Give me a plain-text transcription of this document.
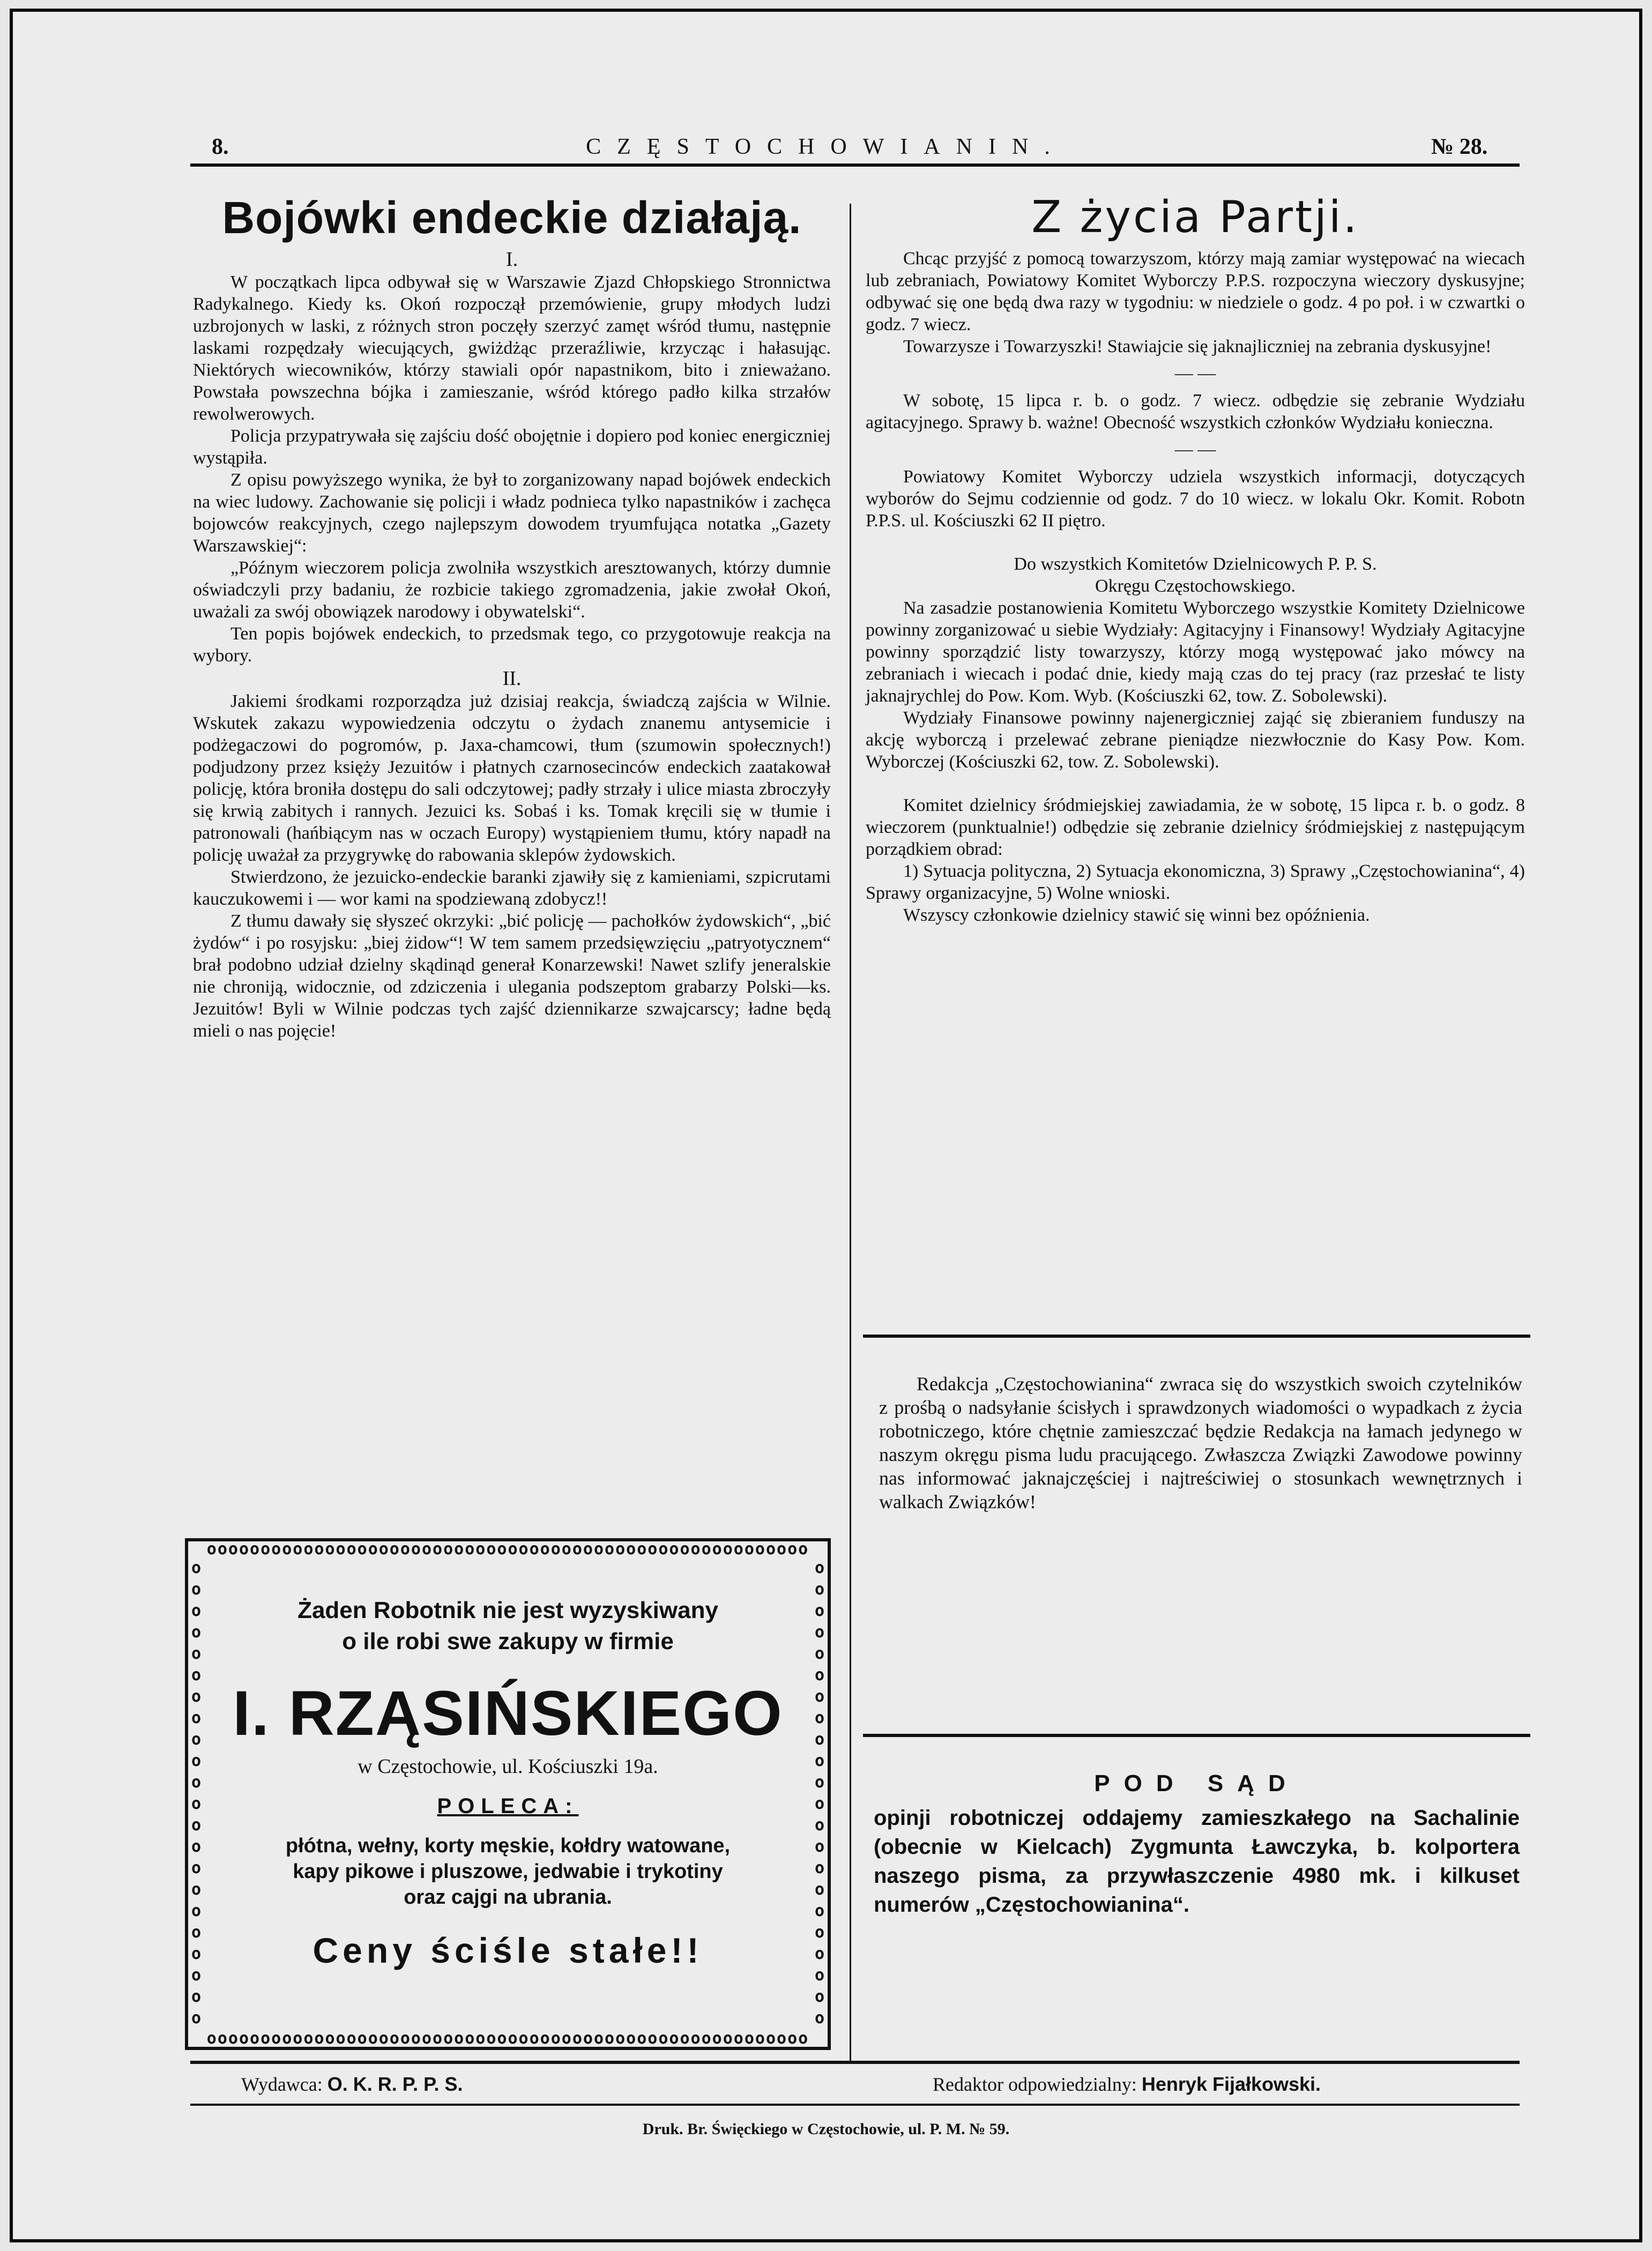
8.	CZĘSTOCHOWIANIN.	№ 28.
Bojówki endeckie działają.
I.

W początkach lipca odbywał się w Warszawie Zjazd Chłopskiego Stronnictwa Radykalnego. Kiedy ks. Okoń rozpoczął przemówienie, grupy młodych ludzi uzbrojonych w laski, z różnych stron poczęły szerzyć zamęt wśród tłumu, następnie laskami rozpędzały wiecujących, gwiżdżąc przeraźliwie, krzycząc i hałasując. Niektórych wiecowników, którzy stawiali opór napastnikom, bito i znieważano. Powstała powszechna bójka i zamieszanie, wśród którego padło kilka strzałów rewolwerowych.

Policja przypatrywała się zajściu dość obojętnie i dopiero pod koniec energiczniej wystąpiła.

Z opisu powyższego wynika, że był to zorganizowany napad bojówek endeckich na wiec ludowy. Zachowanie się policji i władz podnieca tylko napastników i zachęca bojowców reakcyjnych, czego najlepszym dowodem tryumfująca notatka „Gazety Warszawskiej“:

„Późnym wieczorem policja zwolniła wszystkich aresztowanych, którzy dumnie oświadczyli przy badaniu, że rozbicie takiego zgromadzenia, jakie zwołał Okoń, uważali za swój obowiązek narodowy i obywatelski“.

Ten popis bojówek endeckich, to przedsmak tego, co przygotowuje reakcja na wybory.

II.

Jakiemi środkami rozporządza już dzisiaj reakcja, świadczą zajścia w Wilnie. Wskutek zakazu wypowiedzenia odczytu o żydach znanemu antysemicie i podżegaczowi do pogromów, p. Jaxa-chamcowi, tłum (szumowin społecznych!) podjudzony przez księży Jezuitów i płatnych czarnosecinców endeckich zaatakował policję, która broniła dostępu do sali odczytowej; padły strzały i ulice miasta zbroczyły się krwią zabitych i rannych. Jezuici ks. Sobaś i ks. Tomak kręcili się w tłumie i patronowali (hańbiącym nas w oczach Europy) wystąpieniem tłumu, który napadł na policję uważał za przygrywkę do rabowania sklepów żydowskich.

Stwierdzono, że jezuicko-endeckie baranki zjawiły się z kamieniami, szpicrutami kauczukowemi i — wor kami na spodziewaną zdobycz!!

Z tłumu dawały się słyszeć okrzyki: „bić policję — pachołków żydowskich“, „bić żydów“ i po rosyjsku: „biej żidow“! W tem samem przedsięwzięciu „patryotycznem“ brał podobno udział dzielny skądinąd generał Konarzewski! Nawet szlify jeneralskie nie chroniją, widocznie, od zdziczenia i ulegania podszeptom grabarzy Polski—ks. Jezuitów! Byli w Wilnie podczas tych zajść dziennikarze szwajcarscy; ładne będą mieli o nas pojęcie!

oooooooooooooooooooooooooooooooooooooooooooooooooooooooo
oooooooooooooooooooooooooooooooooooooooooooooooooooooooo
o o o o o o o o o o o o o o o o o o o o o o
o o o o o o o o o o o o o o o o o o o o o o
Żaden Robotnik nie jest wyzyskiwany
o ile robi swe zakupy w firmie
I. RZĄSIŃSKIEGO
w Częstochowie, ul. Kościuszki 19a.
POLECA:
płótna, wełny, korty męskie, kołdry watowane,
kapy pikowe i pluszowe, jedwabie i trykotiny
oraz cajgi na ubrania.
Ceny ściśle stałe!!
Z życia Partji.

Chcąc przyjść z pomocą towarzyszom, którzy mają zamiar występować na wiecach lub zebraniach, Powiatowy Komitet Wyborczy P.P.S. rozpoczyna wieczory dyskusyjne; odbywać się one będą dwa razy w tygodniu: w niedziele o godz. 4 po poł. i w czwartki o godz. 7 wiecz.

Towarzysze i Towarzyszki! Stawiajcie się jaknajliczniej na zebrania dyskusyjne!

— —

W sobotę, 15 lipca r. b. o godz. 7 wiecz. odbędzie się zebranie Wydziału agitacyjnego. Sprawy b. ważne! Obecność wszystkich członków Wydziału konieczna.

— —

Powiatowy Komitet Wyborczy udziela wszystkich informacji, dotyczących wyborów do Sejmu codziennie od godz. 7 do 10 wiecz. w lokalu Okr. Komit. Robotn P.P.S. ul. Kościuszki 62 II piętro.

Do wszystkich Komitetów Dzielnicowych P. P. S.

Okręgu Częstochowskiego.

Na zasadzie postanowienia Komitetu Wyborczego wszystkie Komitety Dzielnicowe powinny zorganizować u siebie Wydziały: Agitacyjny i Finansowy! Wydziały Agitacyjne powinny sporządzić listy towarzyszy, którzy mogą występować jako mówcy na zebraniach i wiecach i podać dnie, kiedy mają czas do tej pracy (raz przesłać te listy jaknajrychlej do Pow. Kom. Wyb. (Kościuszki 62, tow. Z. Sobolewski).

Wydziały Finansowe powinny najenergiczniej zająć się zbieraniem funduszy na akcję wyborczą i przelewać zebrane pieniądze niezwłocznie do Kasy Pow. Kom. Wyborczej (Kościuszki 62, tow. Z. Sobolewski).

Komitet dzielnicy śródmiejskiej zawiadamia, że w sobotę, 15 lipca r. b. o godz. 8 wieczorem (punktualnie!) odbędzie się zebranie dzielnicy śródmiejskiej z następującym porządkiem obrad:

1) Sytuacja polityczna, 2) Sytuacja ekonomiczna, 3) Sprawy „Częstochowianina“, 4) Sprawy organizacyjne, 5) Wolne wnioski.

Wszyscy członkowie dzielnicy stawić się winni bez opóźnienia.

Redakcja „Częstochowianina“ zwraca się do wszystkich swoich czytelników z prośbą o nadsyłanie ścisłych i sprawdzonych wiadomości o wypadkach z życia robotniczego, które chętnie zamieszczać będzie Redakcja na łamach jedynego w naszym okręgu pisma ludu pracującego. Zwłaszcza Związki Zawodowe powinny nas informować jaknajczęściej i najtreściwiej o stosunkach wewnętrznych i walkach Związków!

POD SĄD
opinji robotniczej oddajemy zamieszkałego na Sachalinie (obecnie w Kielcach) Zygmunta Ławczyka, b. kolportera naszego pisma, za przywłaszczenie 4980 mk. i kilkuset numerów „Częstochowianina“.
Wydawca: O. K. R. P. P. S.	Redaktor odpowiedzialny: Henryk Fijałkowski.
Druk. Br. Święckiego w Częstochowie, ul. P. M. № 59.
